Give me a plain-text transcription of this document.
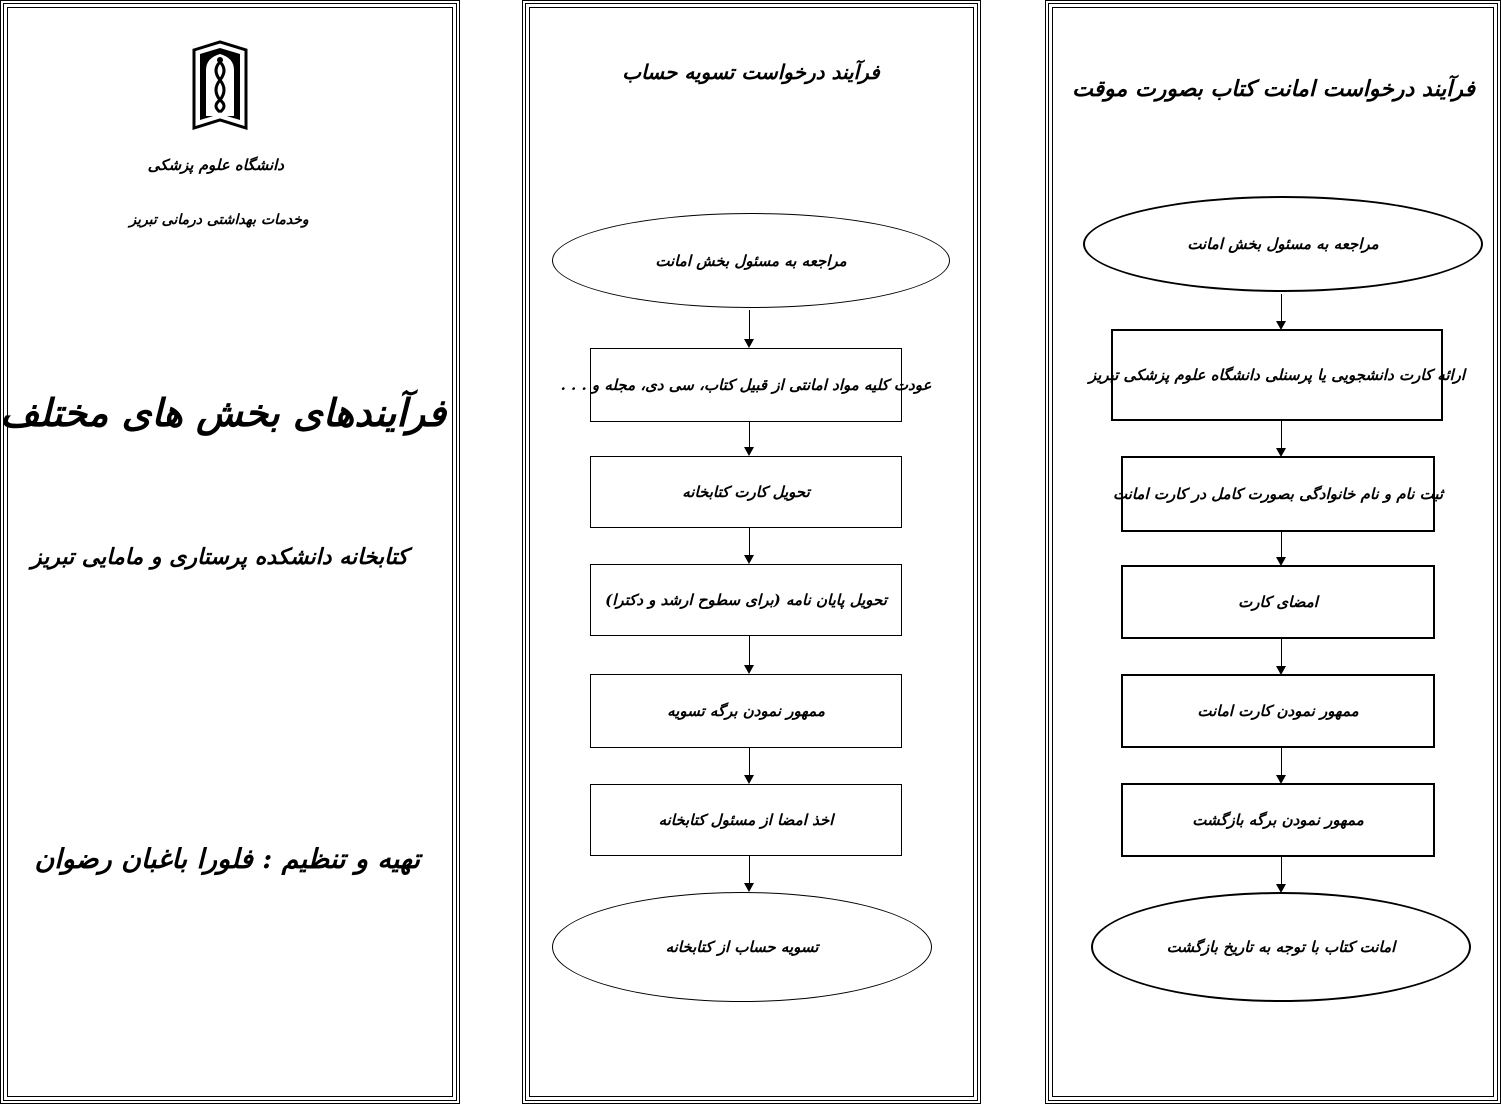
دانشگاه علوم پزشکی
وخدمات بهداشتی درمانی تبریز
فرآیندهای بخش های مختلف
کتابخانه دانشکده پرستاری و مامایی تبریز
تهیه و تنظیم : فلورا باغبان رضوان
فرآیند درخواست تسویه حساب
مراجعه به مسئول بخش امانت
عودت کلیه مواد امانتی از قبیل کتاب، سی دی، مجله و . . .
تحویل کارت کتابخانه
تحویل پایان نامه (برای سطوح ارشد و دکترا)
ممهور نمودن برگه تسویه
اخذ امضا از مسئول کتابخانه
تسویه حساب از کتابخانه
فرآیند درخواست امانت کتاب بصورت موقت
مراجعه به مسئول بخش امانت
ارائه کارت دانشجویی یا پرسنلی دانشگاه علوم پزشکی تبریز
ثبت نام و نام خانوادگی بصورت کامل در کارت امانت
امضای کارت
ممهور نمودن کارت امانت
ممهور نمودن برگه بازگشت
امانت کتاب با توجه به تاریخ بازگشت
